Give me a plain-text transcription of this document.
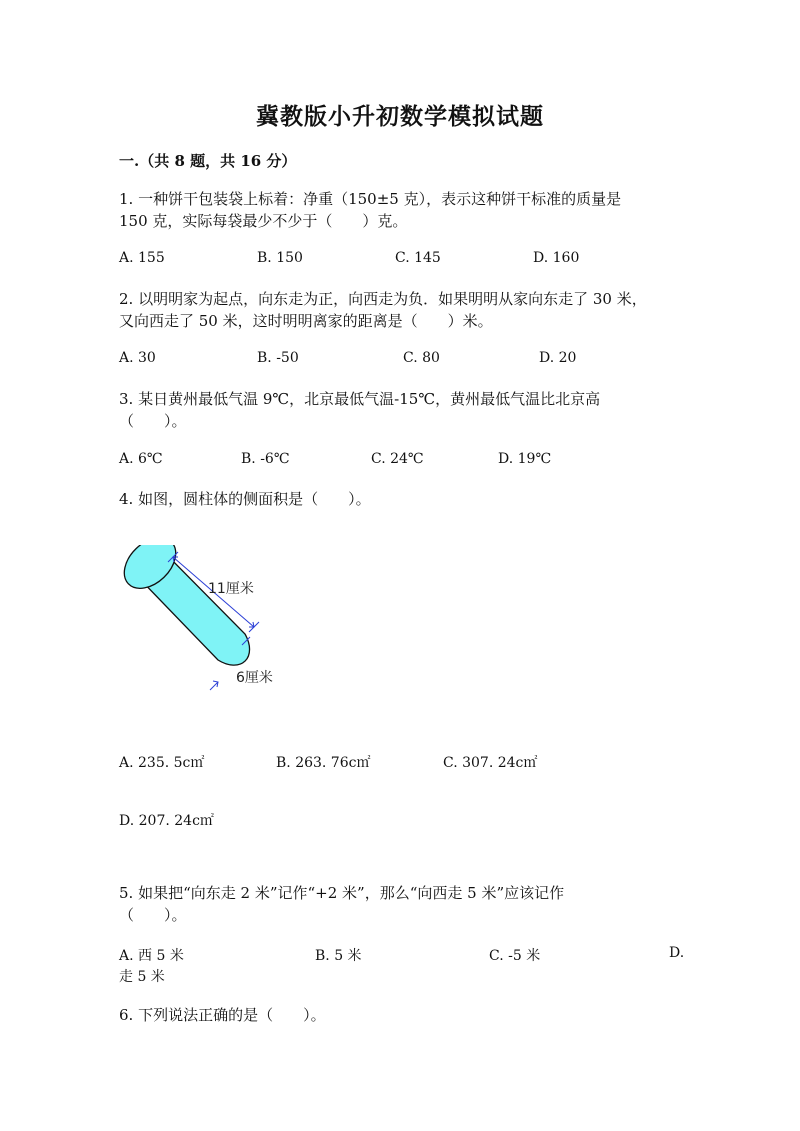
冀教版小升初数学模拟试题
一.（共 8 题，共 16 分）
1. 一种饼干包装袋上标着：净重（150±5 克），表示这种饼干标准的质量是
150 克，实际每袋最少不少于（　　）克。
A. 155	B. 150	C. 145	D. 160
2. 以明明家为起点，向东走为正，向西走为负．如果明明从家向东走了 30 米，
又向西走了 50 米，这时明明离家的距离是（　　）米。
A. 30	B. -50	C. 80	D. 20
3. 某日黄州最低气温 9℃，北京最低气温-15℃，黄州最低气温比北京高
（　　）。
A. 6℃	B. -6℃	C. 24℃	D. 19℃
4. 如图，圆柱体的侧面积是（　　）。
11厘米
6厘米
A. 235. 5c㎡	B. 263. 76c㎡	C. 307. 24c㎡
D. 207. 24c㎡
5. 如果把“向东走 2 米”记作“+2 米”，那么“向西走 5 米”应该记作
（　　）。
A. 西 5 米	B. 5 米	C. -5 米	D.
走 5 米
6. 下列说法正确的是（　　）。
